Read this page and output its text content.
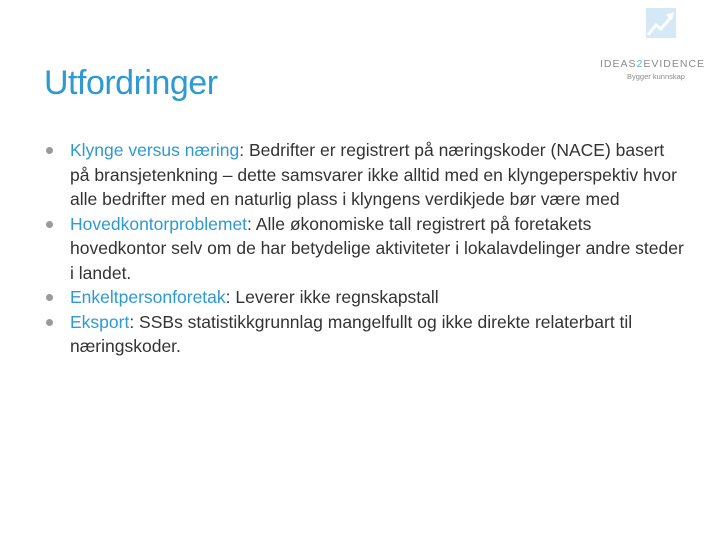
IDEAS2EVIDENCE
Bygger kunnskap
Utfordringer
Klynge versus næring: Bedrifter er registrert på næringskoder (NACE) basert på bransjetenkning – dette samsvarer ikke alltid med en klyngeperspektiv hvor alle bedrifter med en naturlig plass i klyngens verdikjede bør være med
Hovedkontorproblemet: Alle økonomiske tall registrert på foretakets hovedkontor selv om de har betydelige aktiviteter i lokalavdelinger andre steder i landet.
Enkeltpersonforetak: Leverer ikke regnskapstall
Eksport: SSBs statistikkgrunnlag mangelfullt og ikke direkte relaterbart til næringskoder.
